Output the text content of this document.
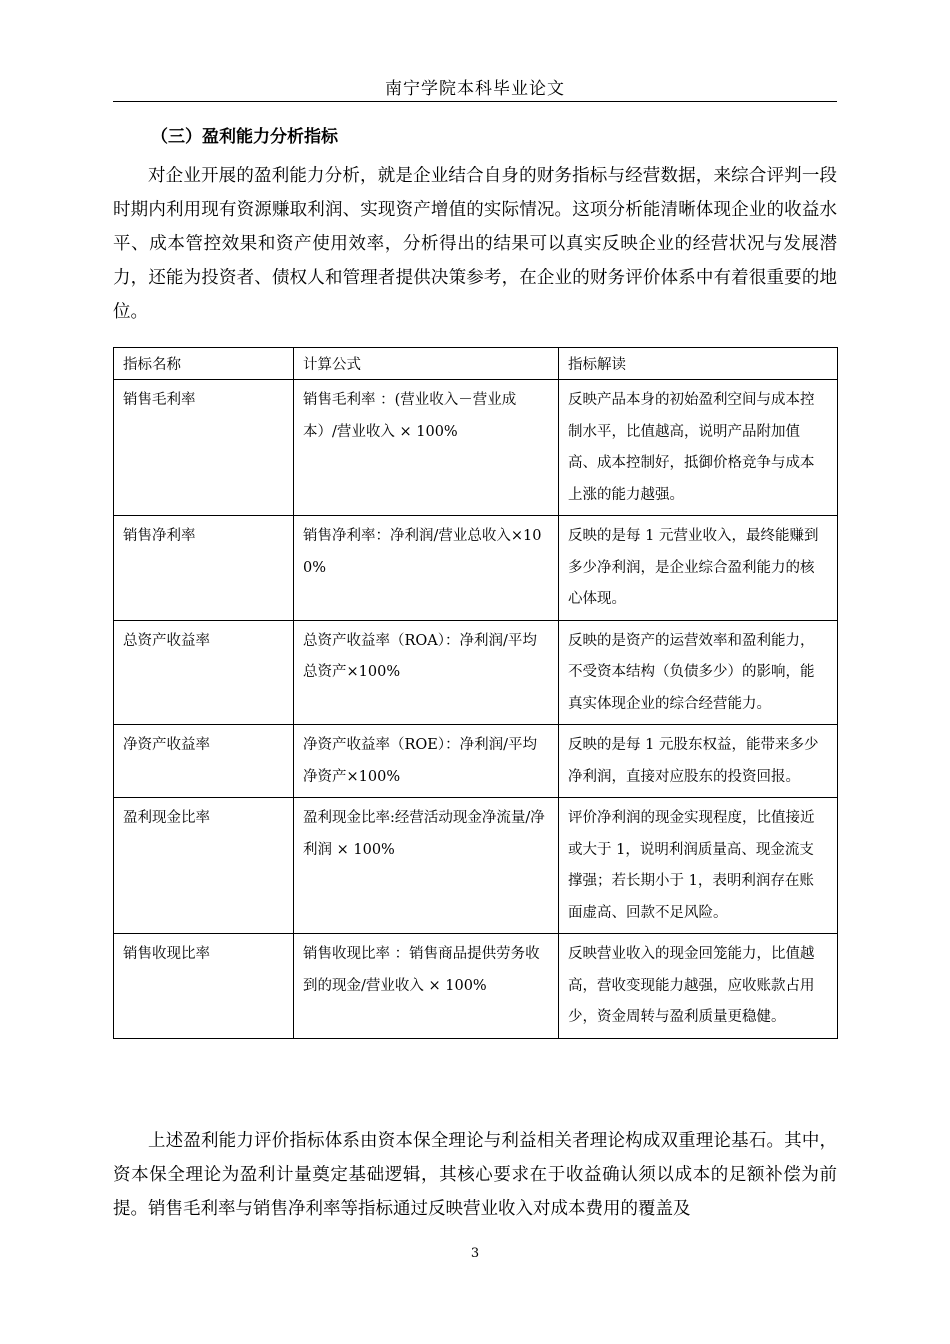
南宁学院本科毕业论文
（三）盈利能力分析指标
对企业开展的盈利能力分析，就是企业结合自身的财务指标与经营数据，来综合评判一段时期内利用现有资源赚取利润、实现资产增值的实际情况。这项分析能清晰体现企业的收益水平、成本管控效果和资产使用效率，分析得出的结果可以真实反映企业的经营状况与发展潜力，还能为投资者、债权人和管理者提供决策参考，在企业的财务评价体系中有着很重要的地位。
指标名称	计算公式	指标解读
销售毛利率	销售毛利率 ：(营业收入－营业成本）/营业收入 × 100%	反映产品本身的初始盈利空间与成本控制水平，比值越高，说明产品附加值高、成本控制好，抵御价格竞争与成本上涨的能力越强。
销售净利率	销售净利率：净利润/营业总收入×100%	反映的是每 1 元营业收入，最终能赚到多少净利润，是企业综合盈利能力的核心体现。
总资产收益率	总资产收益率（ROA）：净利润/平均总资产×100%	反映的是资产的运营效率和盈利能力，不受资本结构（负债多少）的影响，能真实体现企业的综合经营能力。
净资产收益率	净资产收益率（ROE）：净利润/平均净资产×100%	反映的是每 1 元股东权益，能带来多少净利润，直接对应股东的投资回报。
盈利现金比率	盈利现金比率:经营活动现金净流量/净利润 × 100%	评价净利润的现金实现程度，比值接近或大于 1，说明利润质量高、现金流支撑强；若长期小于 1，表明利润存在账面虚高、回款不足风险。
销售收现比率	销售收现比率 ：销售商品提供劳务收到的现金/营业收入 × 100%	反映营业收入的现金回笼能力，比值越高，营收变现能力越强，应收账款占用少，资金周转与盈利质量更稳健。
上述盈利能力评价指标体系由资本保全理论与利益相关者理论构成双重理论基石。其中，资本保全理论为盈利计量奠定基础逻辑，其核心要求在于收益确认须以成本的足额补偿为前提。销售毛利率与销售净利率等指标通过反映营业收入对成本费用的覆盖及
3
